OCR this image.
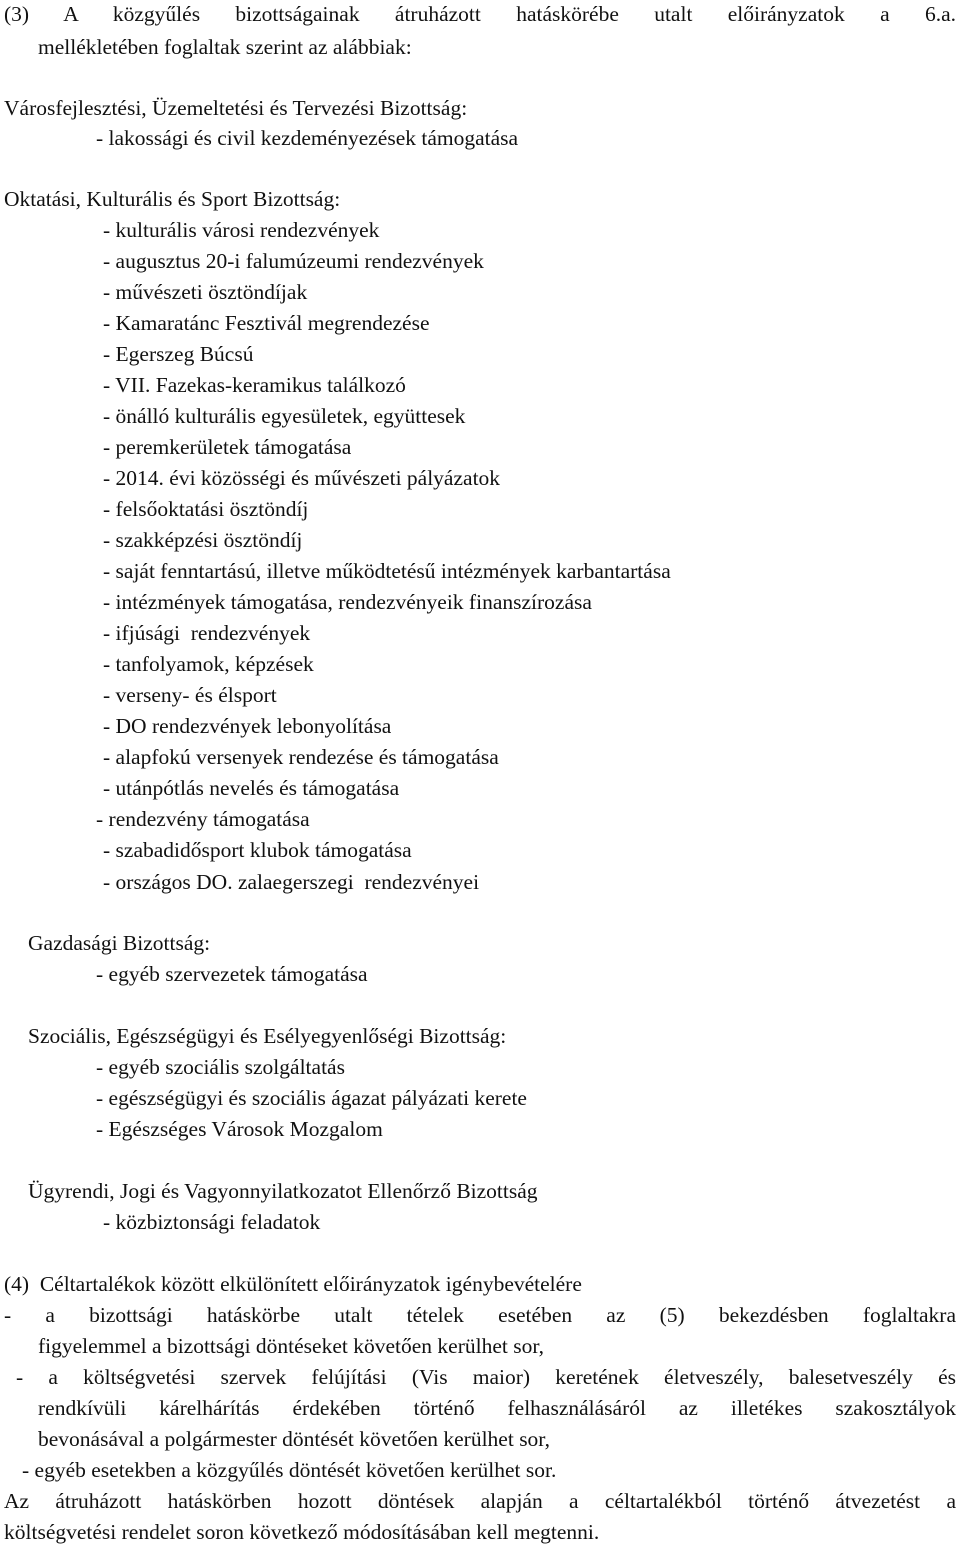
(3) A közgyűlés bizottságainak átruházott hatáskörébe utalt előirányzatok a 6.a.
mellékletében foglaltak szerint az alábbiak:
Városfejlesztési, Üzemeltetési és Tervezési Bizottság:
- lakossági és civil kezdeményezések támogatása
Oktatási, Kulturális és Sport Bizottság:
- kulturális városi rendezvények
- augusztus 20-i falumúzeumi rendezvények
- művészeti ösztöndíjak
- Kamaratánc Fesztivál megrendezése
- Egerszeg Búcsú
- VII. Fazekas-keramikus találkozó
- önálló kulturális egyesületek, együttesek
- peremkerületek támogatása
- 2014. évi közösségi és művészeti pályázatok
- felsőoktatási ösztöndíj
- szakképzési ösztöndíj
- saját fenntartású, illetve működtetésű intézmények karbantartása
- intézmények támogatása, rendezvényeik finanszírozása
- ifjúsági  rendezvények
- tanfolyamok, képzések
- verseny- és élsport
- DO rendezvények lebonyolítása
- alapfokú versenyek rendezése és támogatása
- utánpótlás nevelés és támogatása
- rendezvény támogatása
- szabadidősport klubok támogatása
- országos DO. zalaegerszegi  rendezvényei
Gazdasági Bizottság:
- egyéb szervezetek támogatása
Szociális, Egészségügyi és Esélyegyenlőségi Bizottság:
- egyéb szociális szolgáltatás
- egészségügyi és szociális ágazat pályázati kerete
- Egészséges Városok Mozgalom
Ügyrendi, Jogi és Vagyonnyilatkozatot Ellenőrző Bizottság
- közbiztonsági feladatok
(4)  Céltartalékok között elkülönített előirányzatok igénybevételére
- a bizottsági hatáskörbe utalt tételek esetében az (5) bekezdésben foglaltakra
figyelemmel a bizottsági döntéseket követően kerülhet sor,
- a költségvetési szervek felújítási (Vis maior) keretének életveszély, balesetveszély és
rendkívüli kárelhárítás érdekében történő felhasználásáról az illetékes szakosztályok
bevonásával a polgármester döntését követően kerülhet sor,
- egyéb esetekben a közgyűlés döntését követően kerülhet sor.
Az átruházott hatáskörben hozott döntések alapján a céltartalékból történő átvezetést a
költségvetési rendelet soron következő módosításában kell megtenni.
